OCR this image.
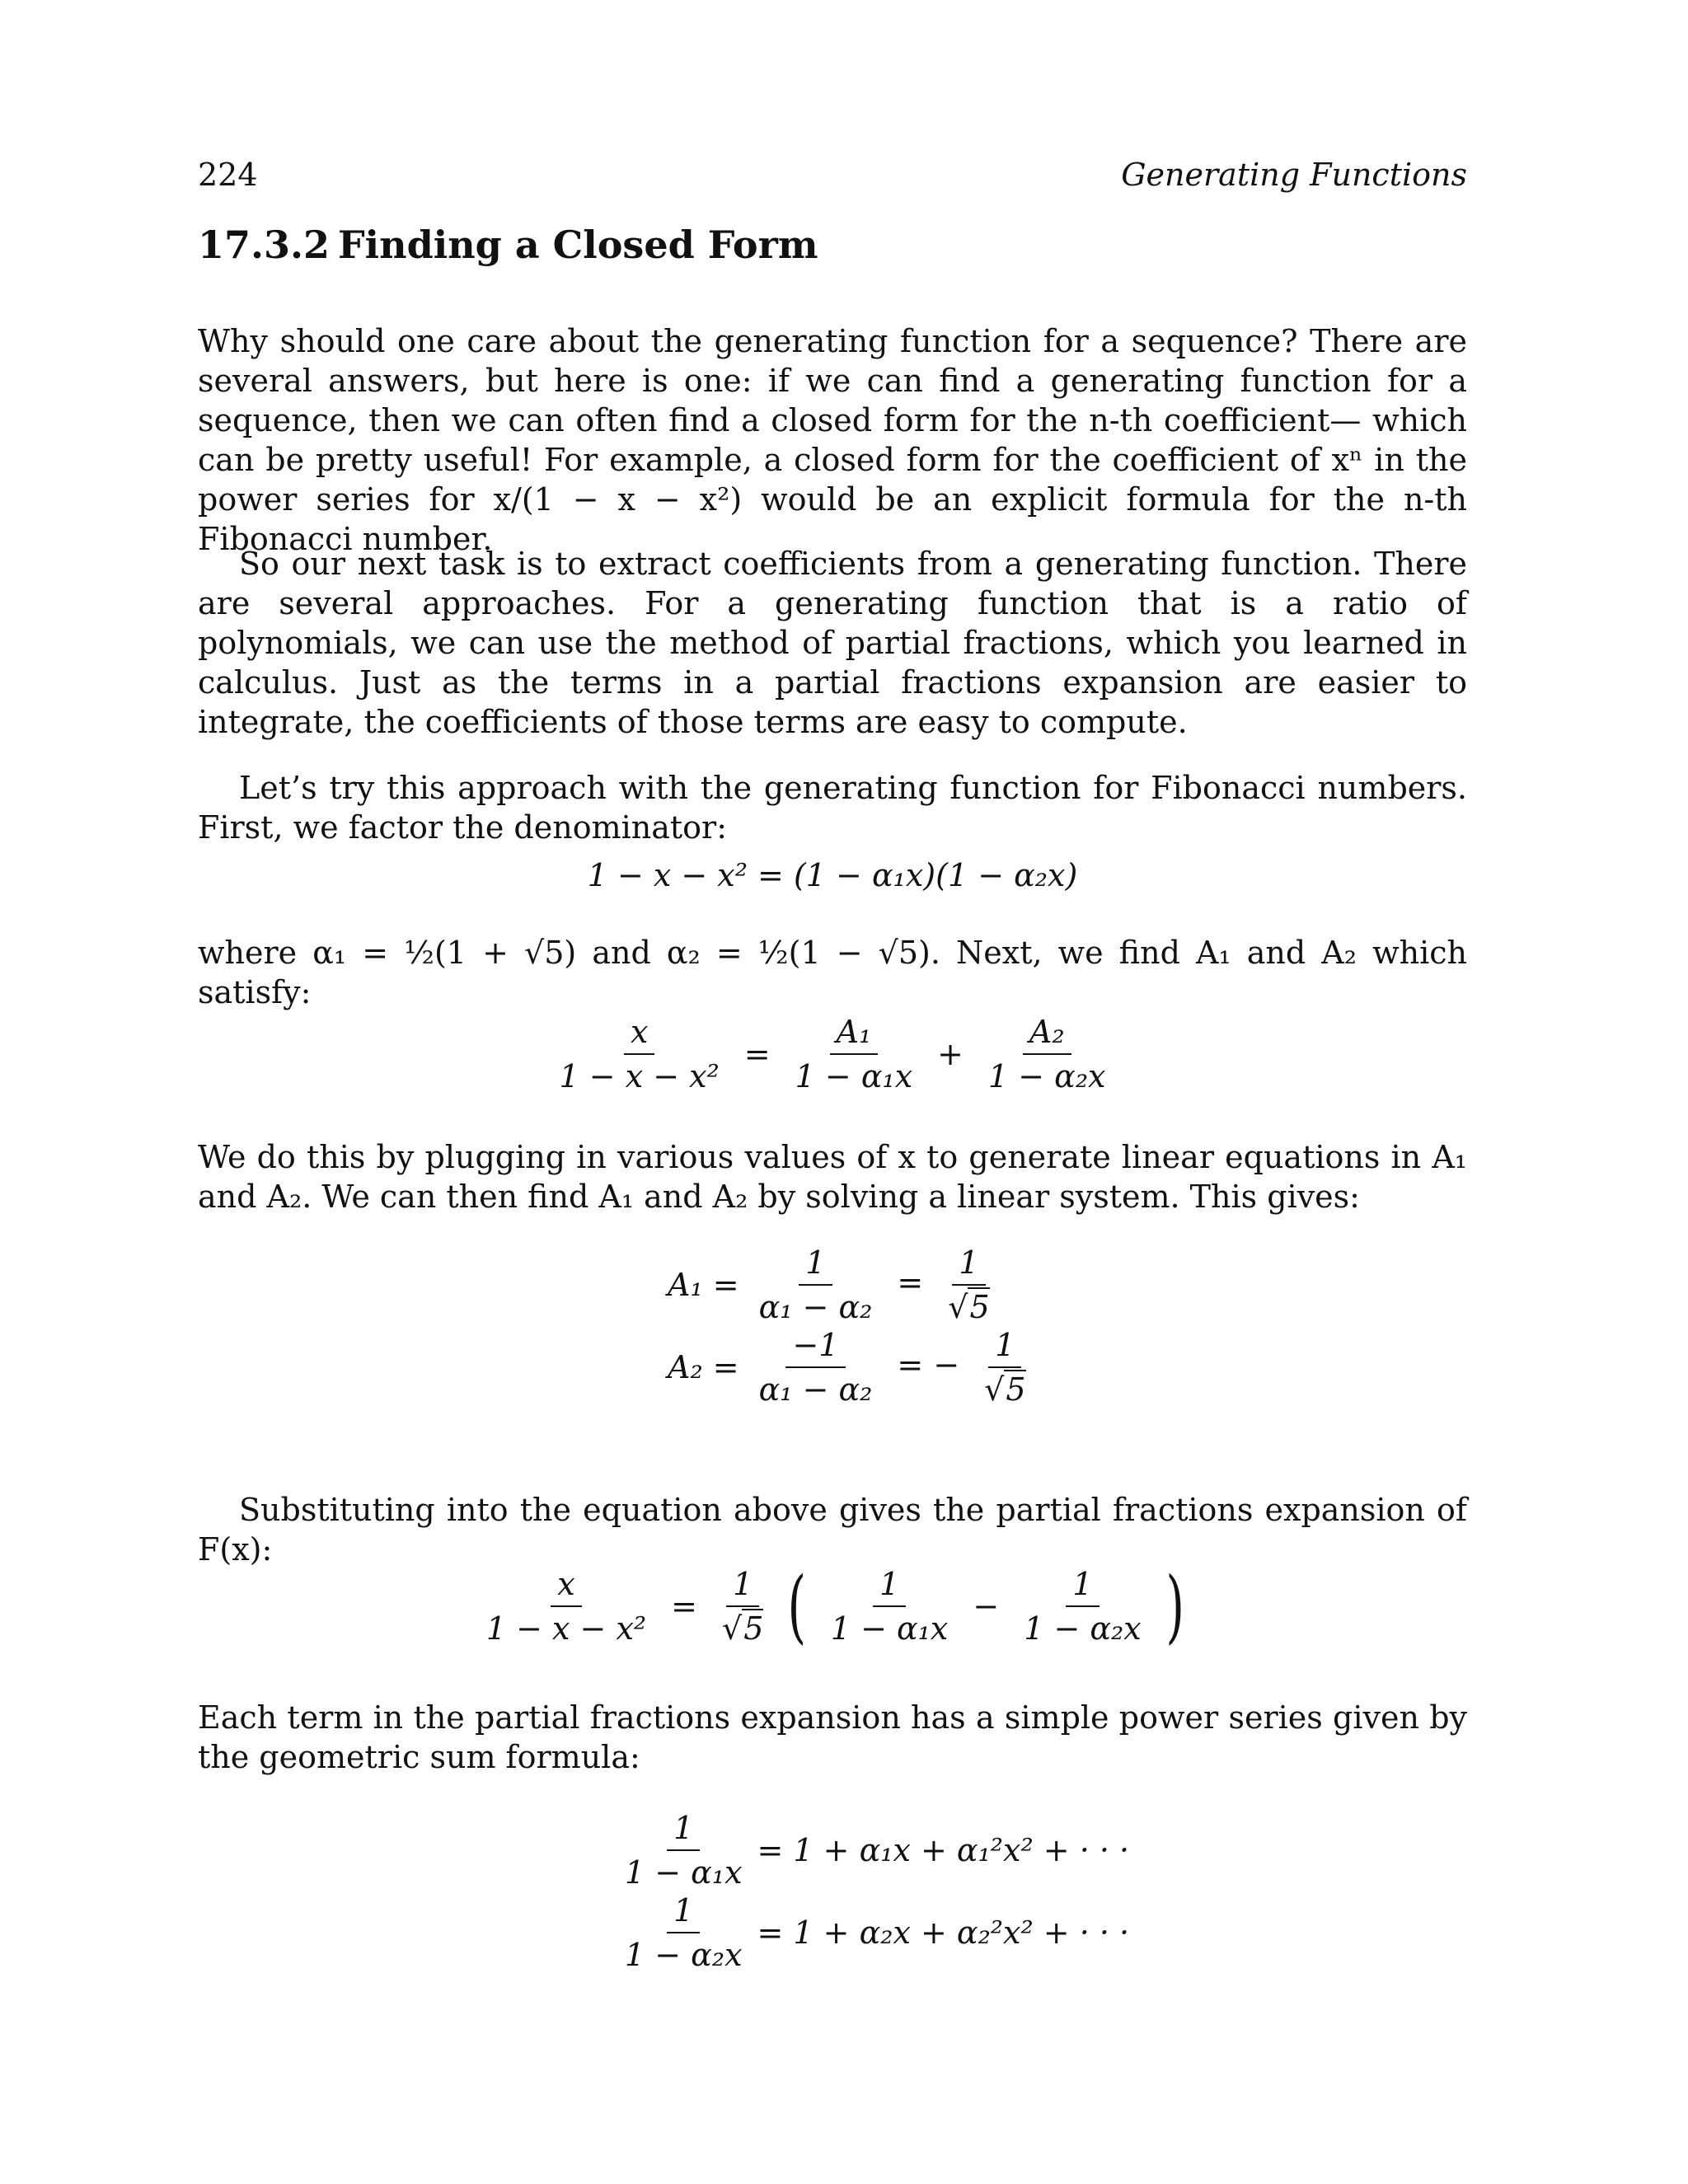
224	Generating Functions
17.3.2 Finding a Closed Form
Why should one care about the generating function for a sequence? There are several answers, but here is one: if we can find a generating function for a sequence, then we can often find a closed form for the n-th coefficient— which can be pretty useful! For example, a closed form for the coefficient of xⁿ in the power series for x/(1 − x − x²) would be an explicit formula for the n-th Fibonacci number.
So our next task is to extract coefficients from a generating function. There are several approaches. For a generating function that is a ratio of polynomials, we can use the method of partial fractions, which you learned in calculus. Just as the terms in a partial fractions expansion are easier to integrate, the coefficients of those terms are easy to compute.
Let’s try this approach with the generating function for Fibonacci numbers. First, we factor the denominator:
1 − x − x² = (1 − α₁x)(1 − α₂x)
where α₁ = ½(1 + √5) and α₂ = ½(1 − √5). Next, we find A₁ and A₂ which satisfy:
$\frac{x}{\text{1 − x − x²}} = \frac{\text{A₁}}{\text{1 − α₁x}} + \frac{\text{A₂}}{\text{1 − α₂x}}$
We do this by plugging in various values of x to generate linear equations in A₁ and A₂. We can then find A₁ and A₂ by solving a linear system. This gives:
$A_1 = \frac{1}{\text{α₁ − α₂}} = \frac{1}{√5}$
$A_2 = \frac{-1}{\text{α₁ − α₂}}$ = − $\frac{1}{√5}$
Substituting into the equation above gives the partial fractions expansion of F(x):
$\frac{x}{\text{1 − x − x²}} = \frac{1}{√5}$ ( $\frac{1}{\text{1 − α₁x}} - \frac{1}{\text{1 − α₂x}}$ )
Each term in the partial fractions expansion has a simple power series given by the geometric sum formula:
$\frac{1}{\text{1 − α₁x}} = 1 + \alpha_1x + \alpha_1^2x^2$ + · · ·
$\frac{1}{\text{1 − α₂x}} = 1 + \alpha_2x + \alpha_2^2x^2$ + · · ·
